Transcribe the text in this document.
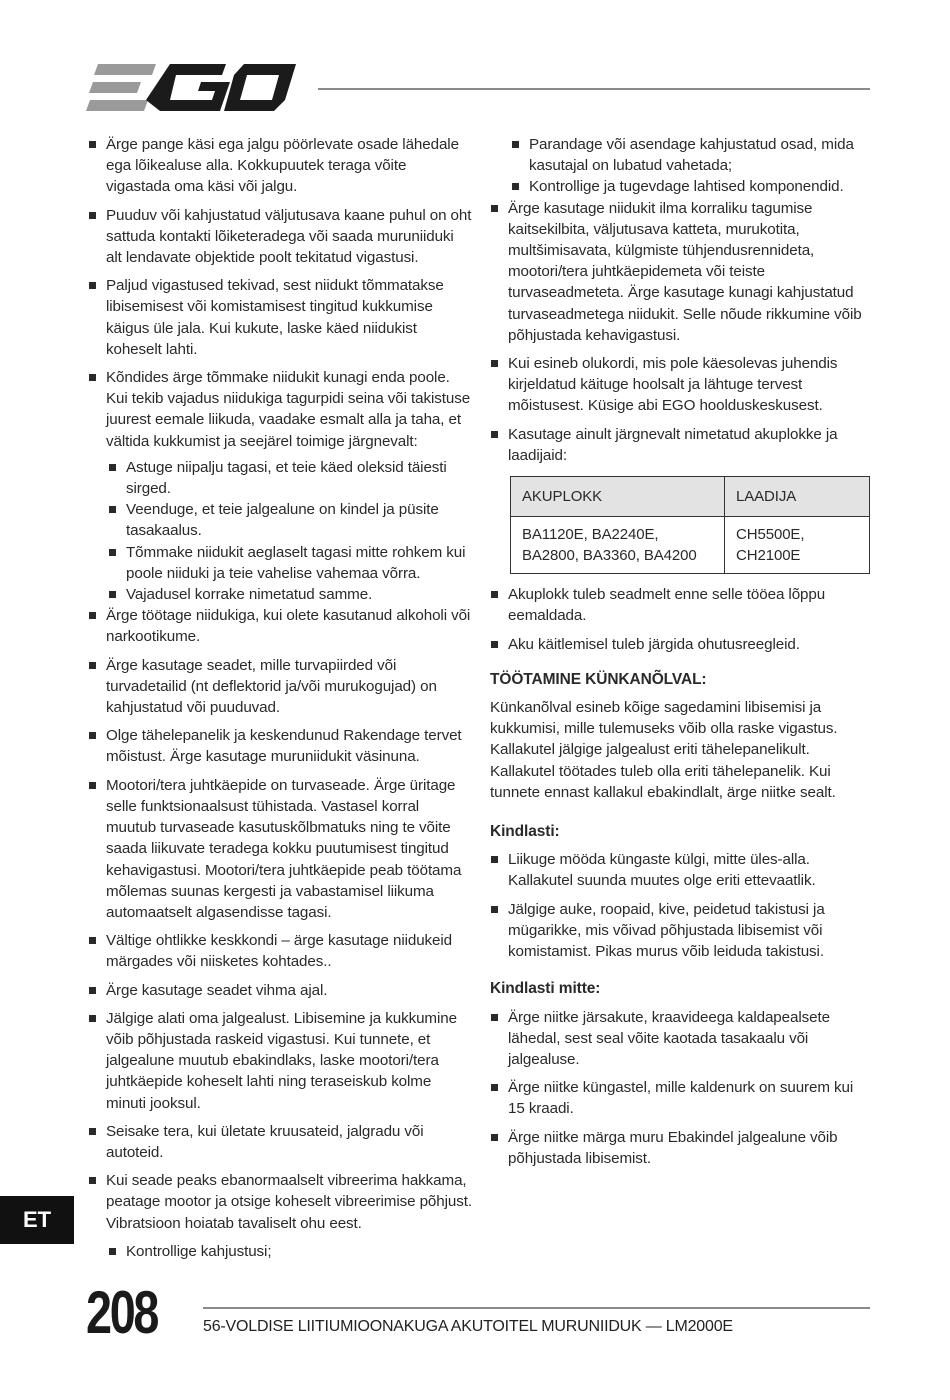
Ärge pange käsi ega jalgu pöörlevate osade lähedale ega lõikealuse alla. Kokkupuutek teraga võite vigastada oma käsi või jalgu.
Puuduv või kahjustatud väljutusava kaane puhul on oht sattuda kontakti lõiketeradega või saada muruniiduki alt lendavate objektide poolt tekitatud vigastusi.
Paljud vigastused tekivad, sest niidukt tõmmatakse libisemisest või komistamisest tingitud kukkumise käigus üle jala. Kui kukute, laske käed niidukist koheselt lahti.
Kõndides ärge tõmmake niidukit kunagi enda poole. Kui tekib vajadus niidukiga tagurpidi seina või takistuse juurest eemale liikuda, vaadake esmalt alla ja taha, et vältida kukkumist ja seejärel toimige järgnevalt:
Astuge niipalju tagasi, et teie käed oleksid täiesti sirged.
Veenduge, et teie jalgealune on kindel ja püsite tasakaalus.
Tõmmake niidukit aeglaselt tagasi mitte rohkem kui poole niiduki ja teie vahelise vahemaa võrra.
Vajadusel korrake nimetatud samme.
Ärge töötage niidukiga, kui olete kasutanud alkoholi või narkootikume.
Ärge kasutage seadet, mille turvapiirded või turvadetailid (nt deflektorid ja/või murukogujad) on kahjustatud või puuduvad.
Olge tähelepanelik ja keskendunud Rakendage tervet mõistust. Ärge kasutage muruniidukit väsinuna.
Mootori/tera juhtkäepide on turvaseade. Ärge üritage selle funktsionaalsust tühistada. Vastasel korral muutub turvaseade kasutuskõlbmatuks ning te võite saada liikuvate teradega kokku puutumisest tingitud kehavigastusi. Mootori/tera juhtkäepide peab töötama mõlemas suunas kergesti ja vabastamisel liikuma automaatselt algasendisse tagasi.
Vältige ohtlikke keskkondi – ärge kasutage niidukeid märgades või niisketes kohtades..
Ärge kasutage seadet vihma ajal.
Jälgige alati oma jalgealust. Libisemine ja kukkumine võib põhjustada raskeid vigastusi. Kui tunnete, et jalgealune muutub ebakindlaks, laske mootori/tera juhtkäepide koheselt lahti ning teraseiskub kolme minuti jooksul.
Seisake tera, kui ületate kruusateid, jalgradu või autoteid.
Kui seade peaks ebanormaalselt vibreerima hakkama, peatage mootor ja otsige koheselt vibreerimise põhjust. Vibratsioon hoiatab tavaliselt ohu eest.
Kontrollige kahjustusi;
Parandage või asendage kahjustatud osad, mida kasutajal on lubatud vahetada;
Kontrollige ja tugevdage lahtised komponendid.
Ärge kasutage niidukit ilma korraliku tagumise kaitsekilbita, väljutusava katteta, murukotita, multšimisavata, külgmiste tühjendusrennideta, mootori/tera juhtkäepidemeta või teiste turvaseadmeteta. Ärge kasutage kunagi kahjustatud turvaseadmetega niidukit. Selle nõude rikkumine võib põhjustada kehavigastusi.
Kui esineb olukordi, mis pole käesolevas juhendis kirjeldatud käituge hoolsalt ja lähtuge tervest mõistusest. Küsige abi EGO hoolduskeskusest.
Kasutage ainult järgnevalt nimetatud akuplokke ja laadijaid:
AKUPLOKK	LAADIJA
BA1120E, BA2240E, BA2800, BA3360, BA4200	CH5500E, CH2100E
Akuplokk tuleb seadmelt enne selle tööea lõppu eemaldada.
Aku käitlemisel tuleb järgida ohutusreegleid.
TÖÖTAMINE KÜNKANÕLVAL:

Künkanõlval esineb kõige sagedamini libisemisi ja kukkumisi, mille tulemuseks võib olla raske vigastus. Kallakutel jälgige jalgealust eriti tähelepanelikult. Kallakutel töötades tuleb olla eriti tähelepanelik. Kui tunnete ennast kallakul ebakindlalt, ärge niitke sealt.

Kindlasti:
Liikuge mööda küngaste külgi, mitte üles-alla. Kallakutel suunda muutes olge eriti ettevaatlik.
Jälgige auke, roopaid, kive, peidetud takistusi ja mügarikke, mis võivad põhjustada libisemist või komistamist. Pikas murus võib leiduda takistusi.
Kindlasti mitte:
Ärge niitke järsakute, kraavideega kaldapealsete lähedal, sest seal võite kaotada tasakaalu või jalgealuse.
Ärge niitke küngastel, mille kaldenurk on suurem kui 15 kraadi.
Ärge niitke märga muru Ebakindel jalgealune võib põhjustada libisemist.
ET
208	56-VOLDISE LIITIUMIOONAKUGA AKUTOITEL MURUNIIDUK — LM2000E
